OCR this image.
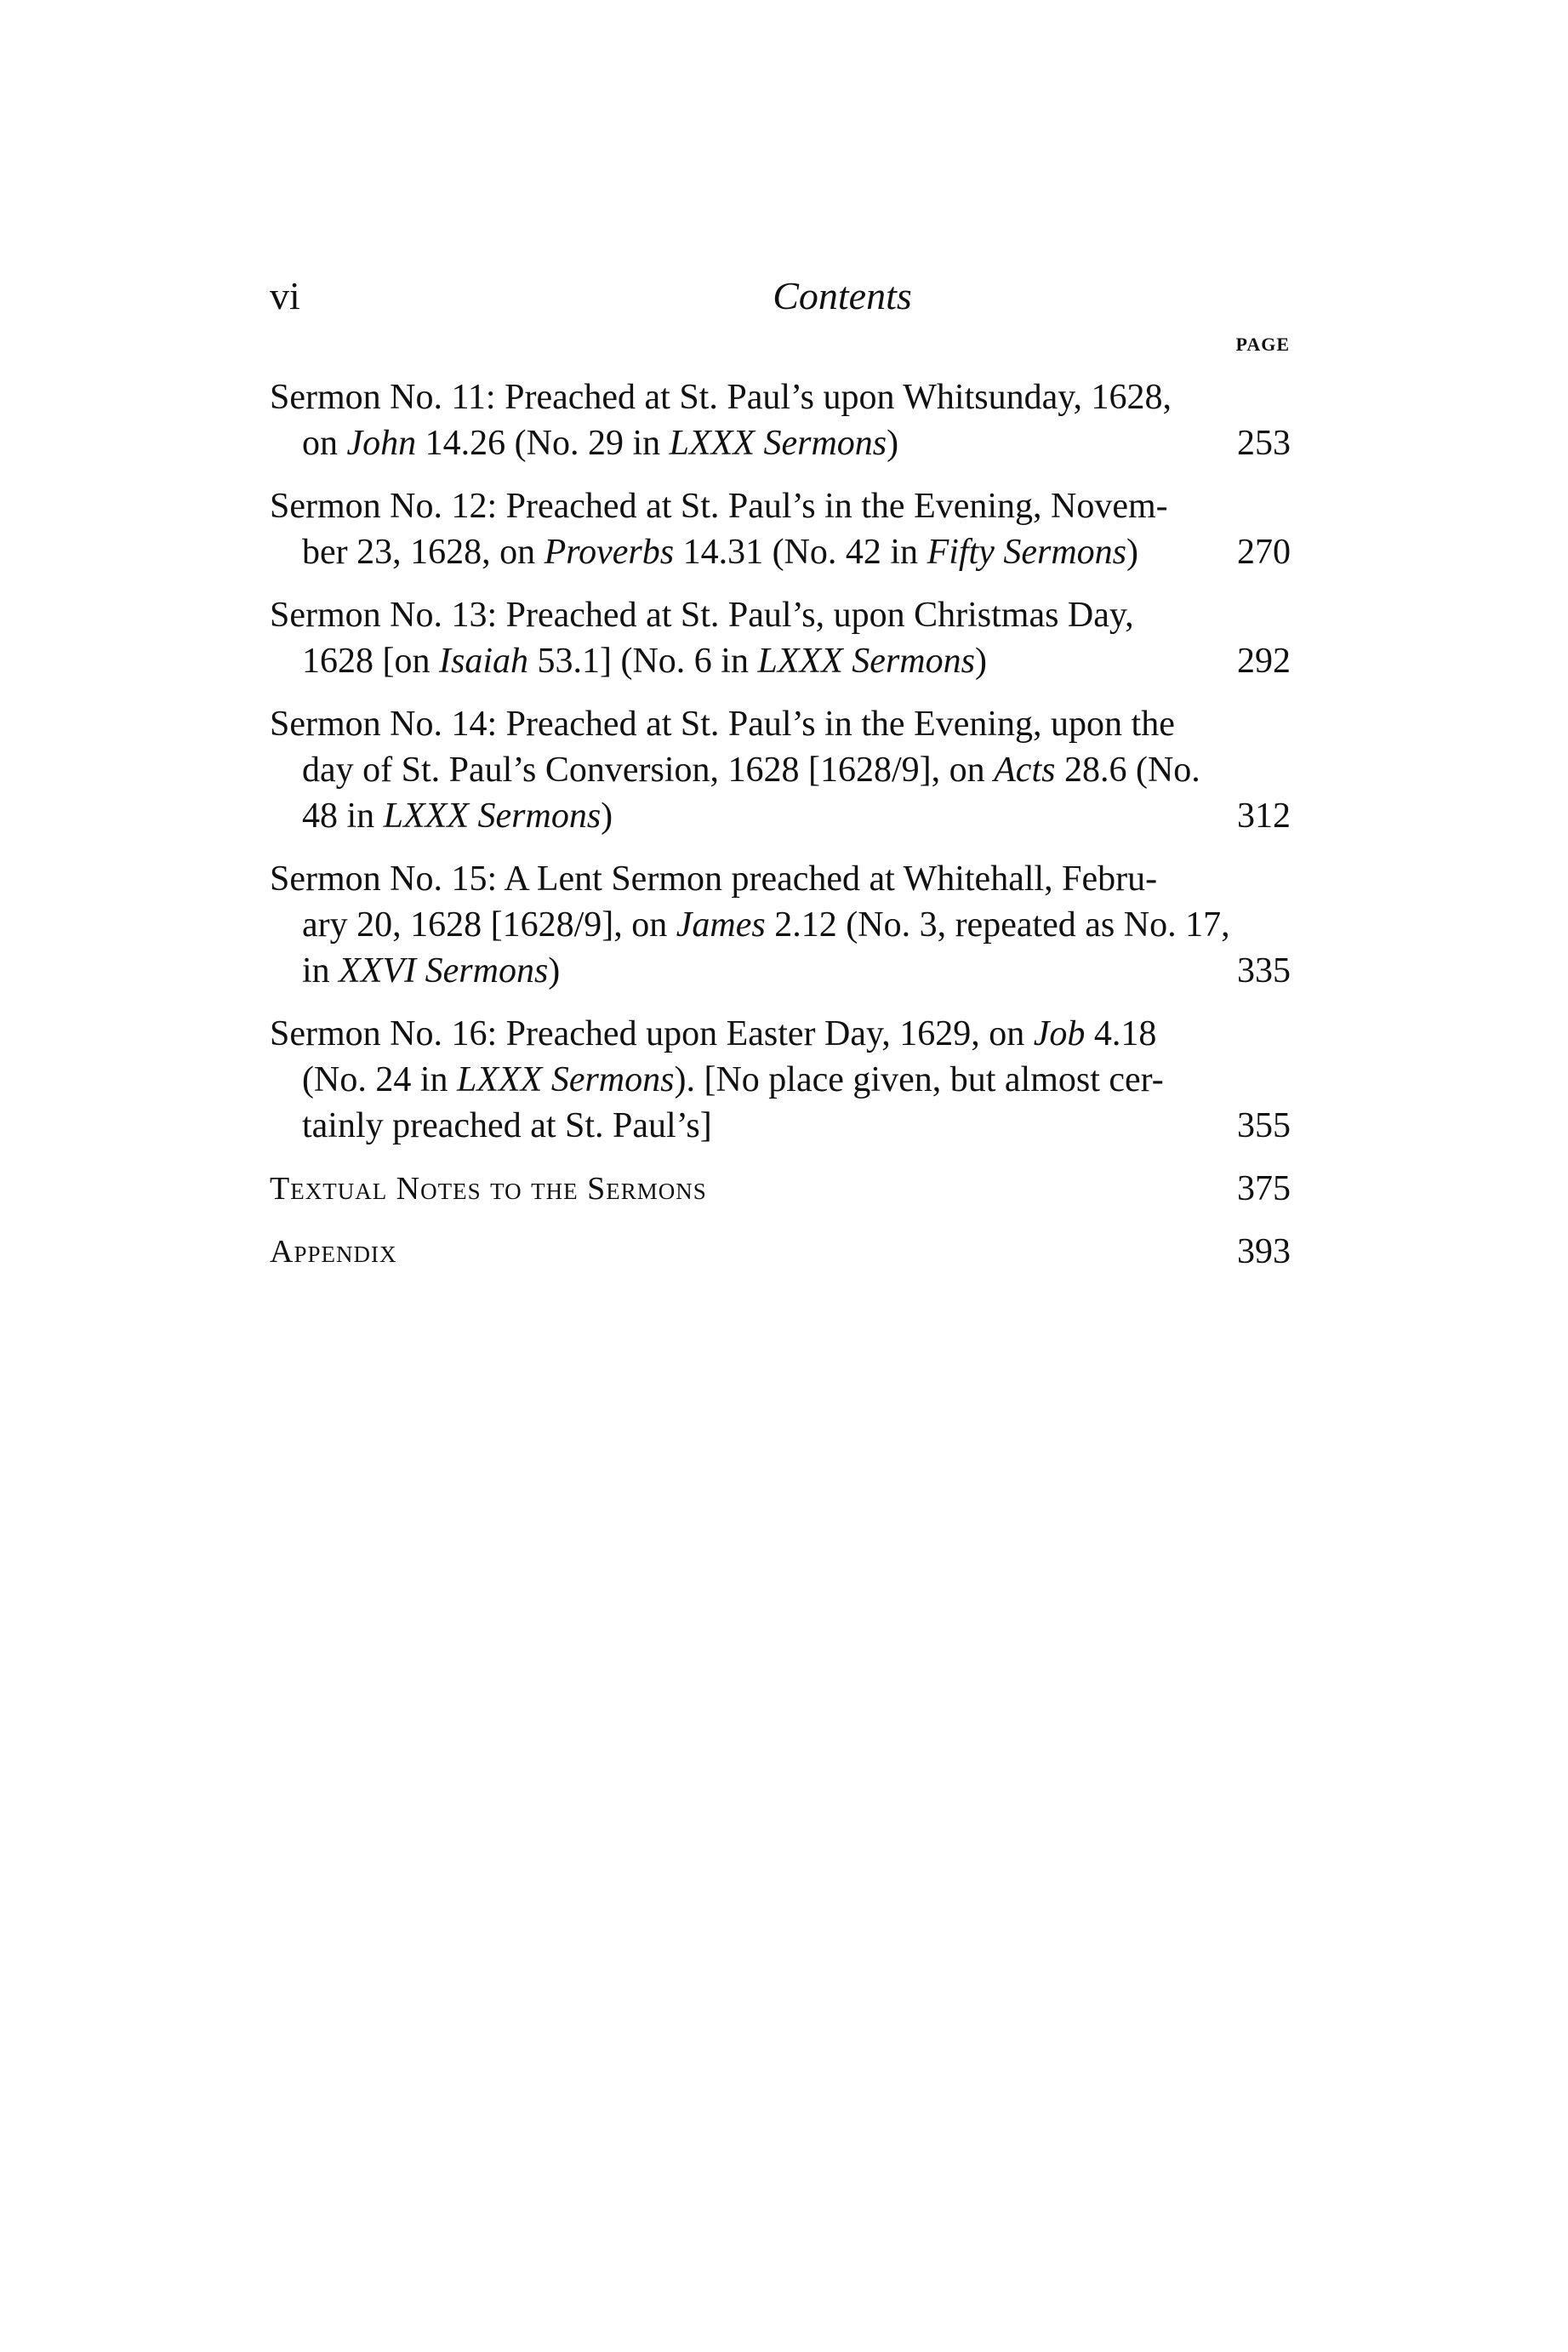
vi	Contents
PAGE
Sermon No. 11: Preached at St. Paul’s upon Whitsunday, 1628,
on John 14.26 (No. 29 in LXXX Sermons)	253
Sermon No. 12: Preached at St. Paul’s in the Evening, Novem-
ber 23, 1628, on Proverbs 14.31 (No. 42 in Fifty Sermons)	270
Sermon No. 13: Preached at St. Paul’s, upon Christmas Day,
1628 [on Isaiah 53.1] (No. 6 in LXXX Sermons)	292
Sermon No. 14: Preached at St. Paul’s in the Evening, upon the
day of St. Paul’s Conversion, 1628 [1628/9], on Acts 28.6 (No.
48 in LXXX Sermons)	312
Sermon No. 15: A Lent Sermon preached at Whitehall, Febru-
ary 20, 1628 [1628/9], on James 2.12 (No. 3, repeated as No. 17,
in XXVI Sermons)	335
Sermon No. 16: Preached upon Easter Day, 1629, on Job 4.18
(No. 24 in LXXX Sermons). [No place given, but almost cer-
tainly preached at St. Paul’s]	355
Textual Notes to the Sermons	375
Appendix	393
